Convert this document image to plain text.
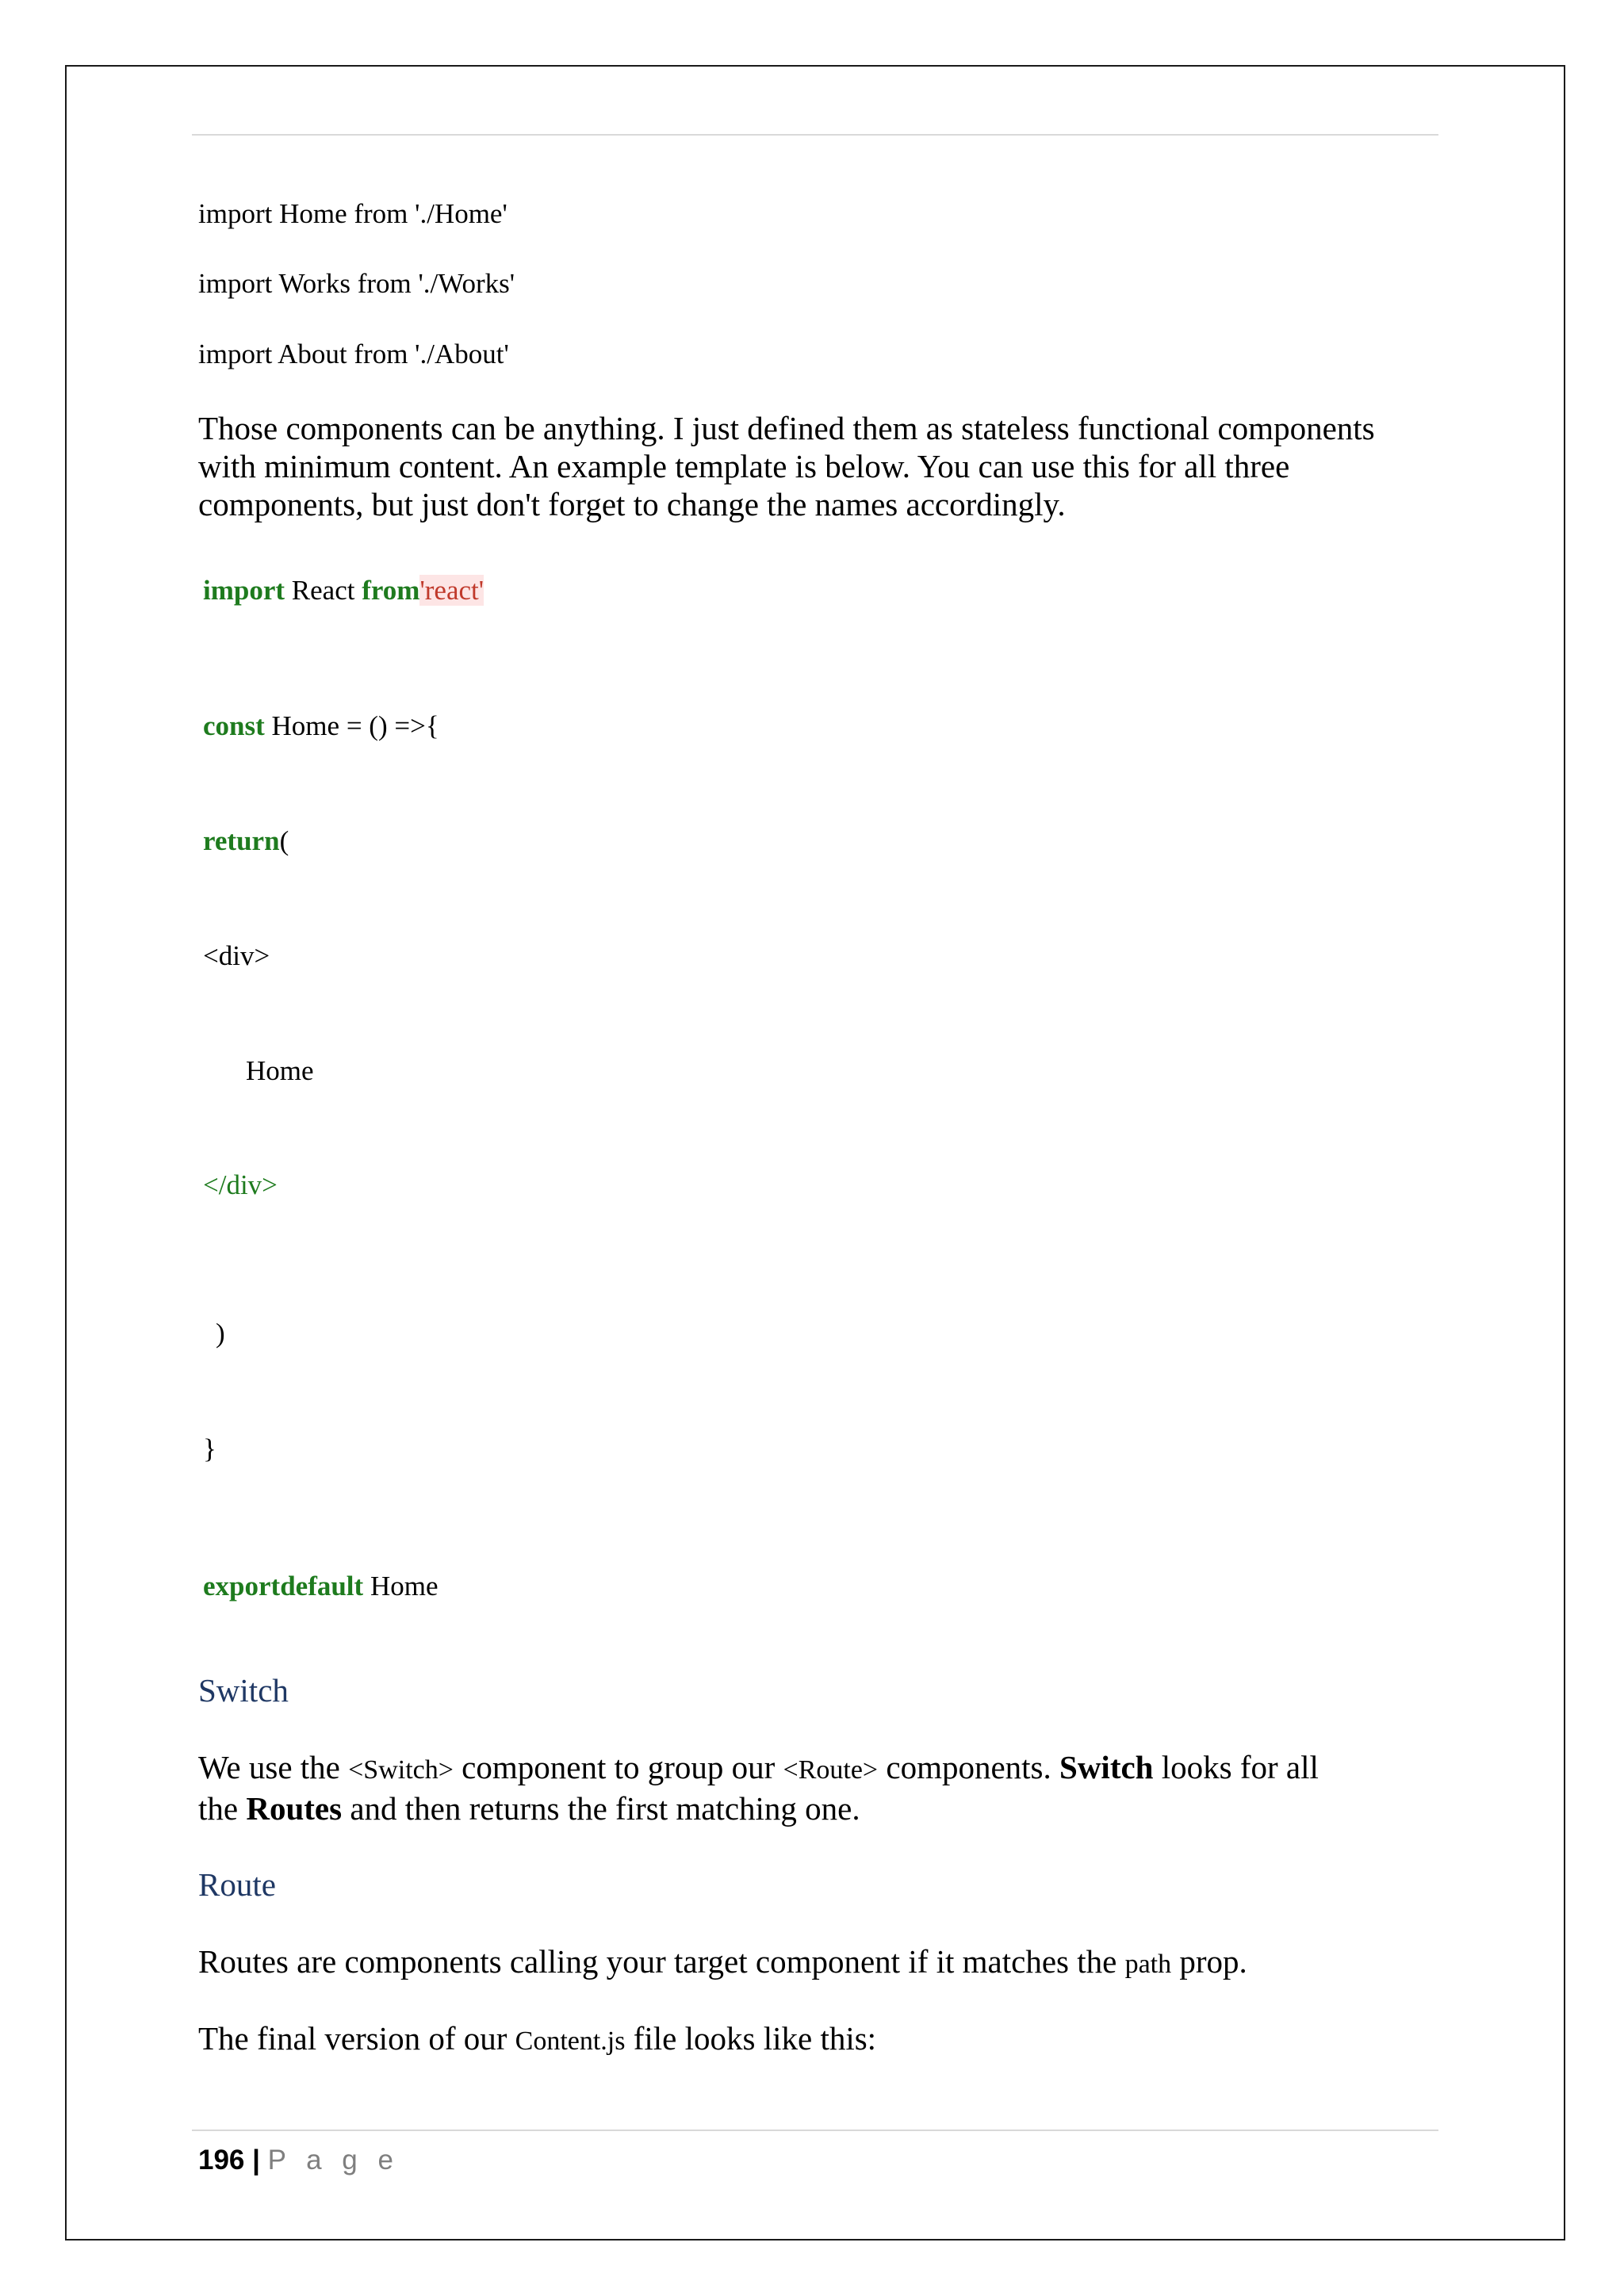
import Home from './Home'
import Works from './Works'
import About from './About'
Those components can be anything. I just defined them as stateless functional components
with minimum content. An example template is below. You can use this for all three
components, but just don't forget to change the names accordingly.
import React from'react'
const Home = () =>{
return(
<div>
Home
</div>
)
}
exportdefault Home
Switch
We use the <Switch> component to group our <Route> components. Switch looks for all
the Routes and then returns the first matching one.
Route
Routes are components calling your target component if it matches the path prop.
The final version of our Content.js file looks like this:
196 | P a g e
